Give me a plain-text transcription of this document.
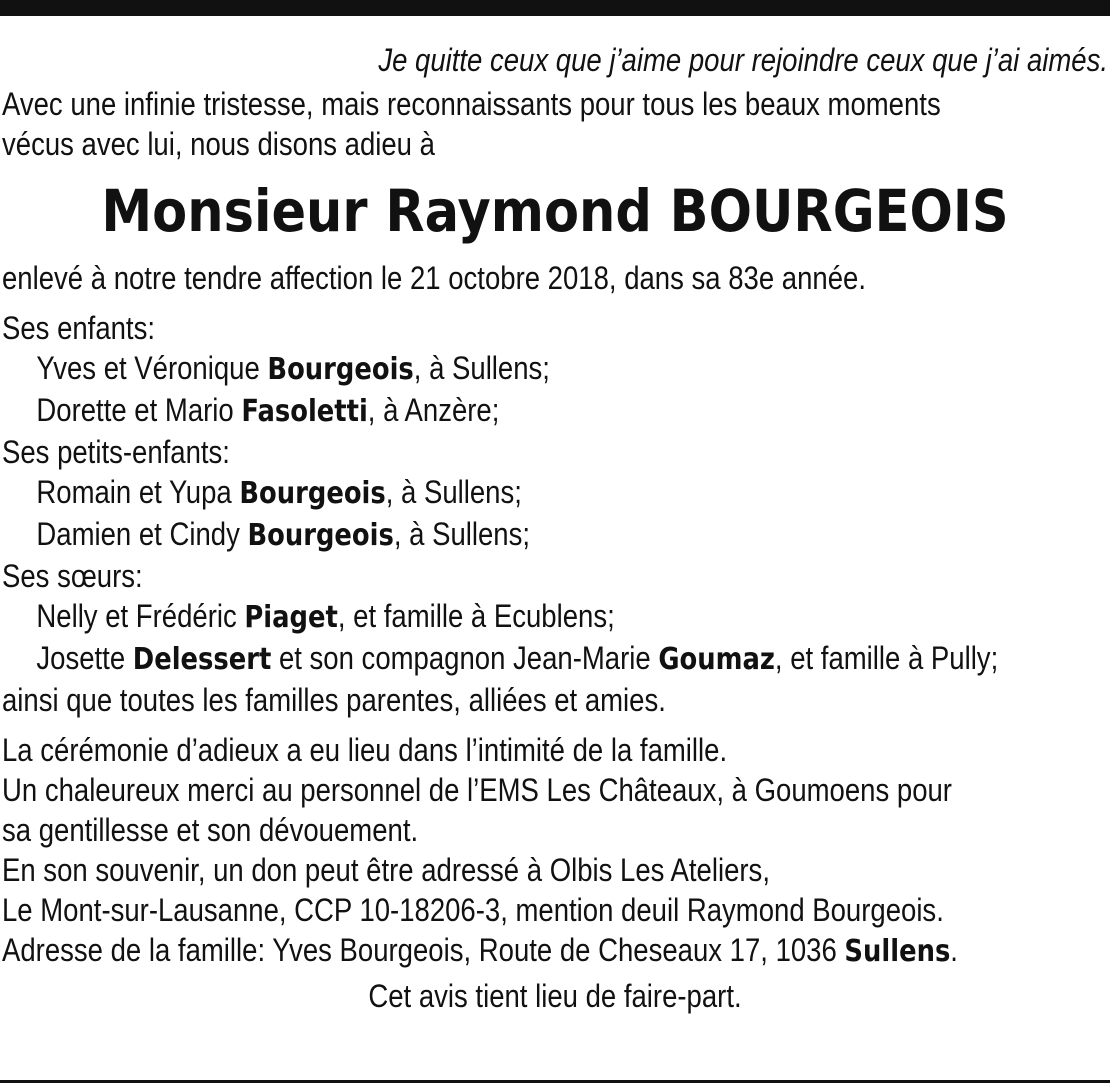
Je quitte ceux que j’aime pour rejoindre ceux que j’ai aimés.
Avec une infinie tristesse, mais reconnaissants pour tous les beaux moments
vécus avec lui, nous disons adieu à
Monsieur Raymond BOURGEOIS
enlevé à notre tendre affection le 21 octobre 2018, dans sa 83e année.
Ses enfants:
Yves et Véronique Bourgeois, à Sullens;
Dorette et Mario Fasoletti, à Anzère;
Ses petits-enfants:
Romain et Yupa Bourgeois, à Sullens;
Damien et Cindy Bourgeois, à Sullens;
Ses sœurs:
Nelly et Frédéric Piaget, et famille à Ecublens;
Josette Delessert et son compagnon Jean-Marie Goumaz, et famille à Pully;
ainsi que toutes les familles parentes, alliées et amies.
La cérémonie d’adieux a eu lieu dans l’intimité de la famille.
Un chaleureux merci au personnel de l’EMS Les Châteaux, à Goumoens pour
sa gentillesse et son dévouement.
En son souvenir, un don peut être adressé à Olbis Les Ateliers,
Le Mont-sur-Lausanne, CCP 10-18206-3, mention deuil Raymond Bourgeois.
Adresse de la famille: Yves Bourgeois, Route de Cheseaux 17, 1036 Sullens.
Cet avis tient lieu de faire-part.
